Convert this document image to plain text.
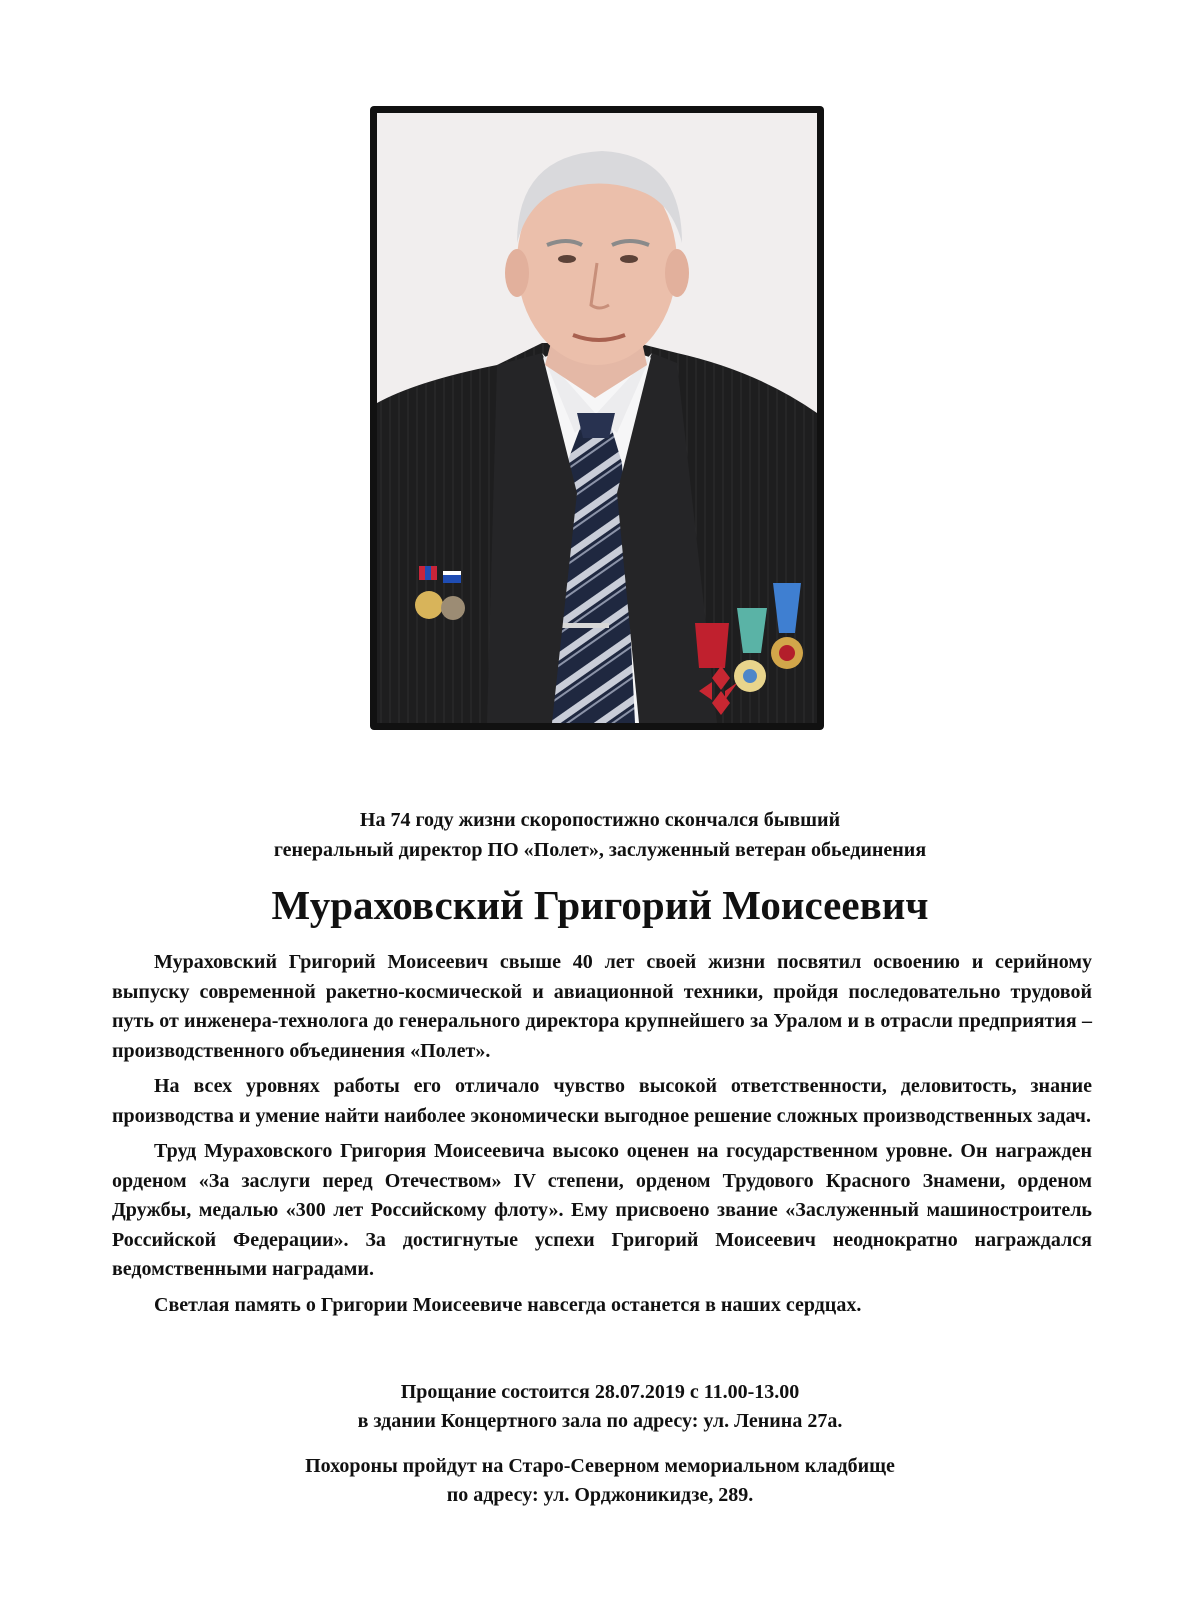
На 74 году жизни скоропостижно скончался бывший

генеральный директор ПО «Полет», заслуженный ветеран обьединения

Мураховский Григорий Моисеевич

Мураховский Григорий Моисеевич свыше 40 лет своей жизни посвятил освоению и серийному выпуску современной ракетно-космической и авиационной техники, пройдя последовательно трудовой путь от инженера-технолога до генерального директора крупнейшего за Уралом и в отрасли предприятия – производственного объединения «Полет».

На всех уровнях работы его отличало чувство высокой ответственности, деловитость, знание производства и умение найти наиболее экономически выгодное решение сложных производственных задач.

Труд Мураховского Григория Моисеевича высоко оценен на государственном уровне. Он награжден орденом «За заслуги перед Отечеством» IV степени, орденом Трудового Красного Знамени, орденом Дружбы, медалью «300 лет Российскому флоту». Ему присвоено звание «Заслуженный машиностроитель Российской Федерации». За достигнутые успехи Григорий Моисеевич неоднократно награждался ведомственными наградами.

Светлая память о Григории Моисеевиче навсегда останется в наших сердцах.

Прощание состоится 28.07.2019 с 11.00-13.00

в здании Концертного зала по адресу: ул. Ленина 27а.

Похороны пройдут на Старо-Северном мемориальном кладбище

по адресу: ул. Орджоникидзе, 289.
